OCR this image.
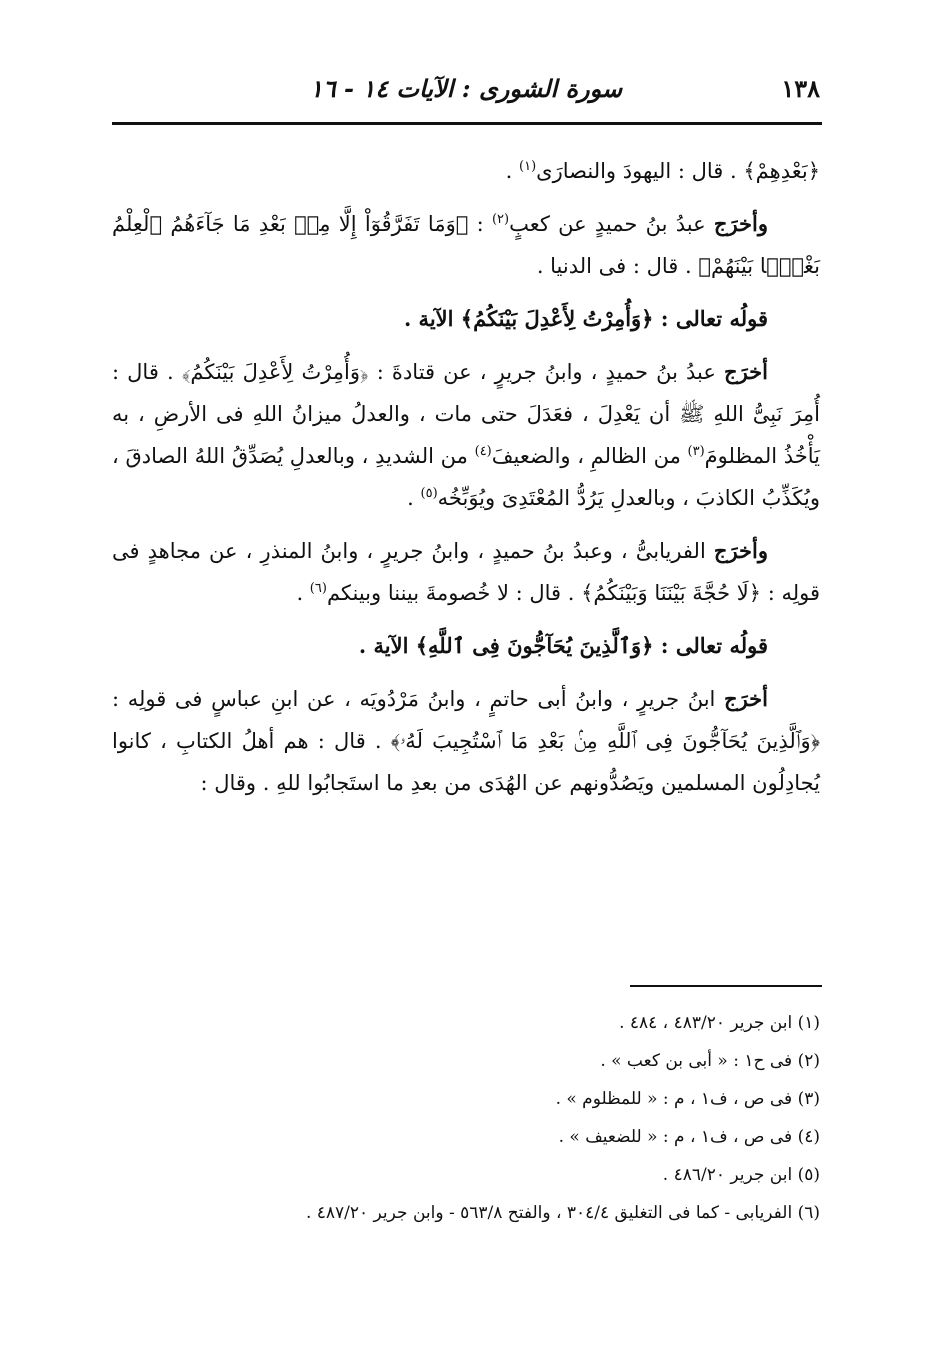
١٣٨
سورة الشورى : الآيات ١٤ - ١٦

﴿بَعْدِهِمْ﴾ . قال : اليهودَ والنصارَى$^{(١)}$ .

وأخرَج عبدُ بنُ حميدٍ عن كعبٍ$^{(٢)}$ : ﴿وَمَا تَفَرَّقُوٓاْ إِلَّا مِنۢ بَعْدِ مَا جَآءَهُمُ ٱلْعِلْمُ بَغْيَۢا بَيْنَهُمْ﴾ . قال : فى الدنيا .

قولُه تعالى : ﴿وَأُمِرْتُ لِأَعْدِلَ بَيْنَكُمُ﴾ الآية .

أخرَج عبدُ بنُ حميدٍ ، وابنُ جريرٍ ، عن قتادةَ : ﴿وَأُمِرْتُ لِأَعْدِلَ بَيْنَكُمُ﴾ . قال : أُمِرَ نَبِىُّ اللهِ ﷺ أن يَعْدِلَ ، فعَدَلَ حتى مات ، والعدلُ ميزانُ اللهِ فى الأرضِ ، به يَأْخُذُ المظلومَ$^{(٣)}$ من الظالمِ ، والضعيفَ$^{(٤)}$ من الشديدِ ، وبالعدلِ يُصَدِّقُ اللهُ الصادقَ ، ويُكَذِّبُ الكاذبَ ، وبالعدلِ يَرُدُّ المُعْتَدِىَ ويُوَبِّخُه$^{(٥)}$ .

وأخرَج الفريابىُّ ، وعبدُ بنُ حميدٍ ، وابنُ جريرٍ ، وابنُ المنذرِ ، عن مجاهدٍ فى قولِه : ﴿لَا حُجَّةَ بَيْنَنَا وَبَيْنَكُمُ﴾ . قال : لا خُصومةَ بيننا وبينكم$^{(٦)}$ .

قولُه تعالى : ﴿وَٱلَّذِينَ يُحَآجُّونَ فِى ٱللَّهِ﴾ الآية .

أخرَج ابنُ جريرٍ ، وابنُ أبى حاتمٍ ، وابنُ مَرْدُويَه ، عن ابنِ عباسٍ فى قولِه : ﴿وَٱلَّذِينَ يُحَآجُّونَ فِى ٱللَّهِ مِنۢ بَعْدِ مَا ٱسْتُجِيبَ لَهُۥ﴾ . قال : هم أهلُ الكتابِ ، كانوا يُجادِلُون المسلمين ويَصُدُّونهم عن الهُدَى من بعدِ ما استَجابُوا للهِ . وقال :

(١) ابن جرير ٤٨٣/٢٠ ، ٤٨٤ .

(٢) فى ح١ : « أبى بن كعب » .

(٣) فى ص ، ف١ ، م : « للمظلوم » .

(٤) فى ص ، ف١ ، م : « للضعيف » .

(٥) ابن جرير ٤٨٦/٢٠ .

(٦) الفريابى - كما فى التغليق ٣٠٤/٤ ، والفتح ٥٦٣/٨ - وابن جرير ٤٨٧/٢٠ .
